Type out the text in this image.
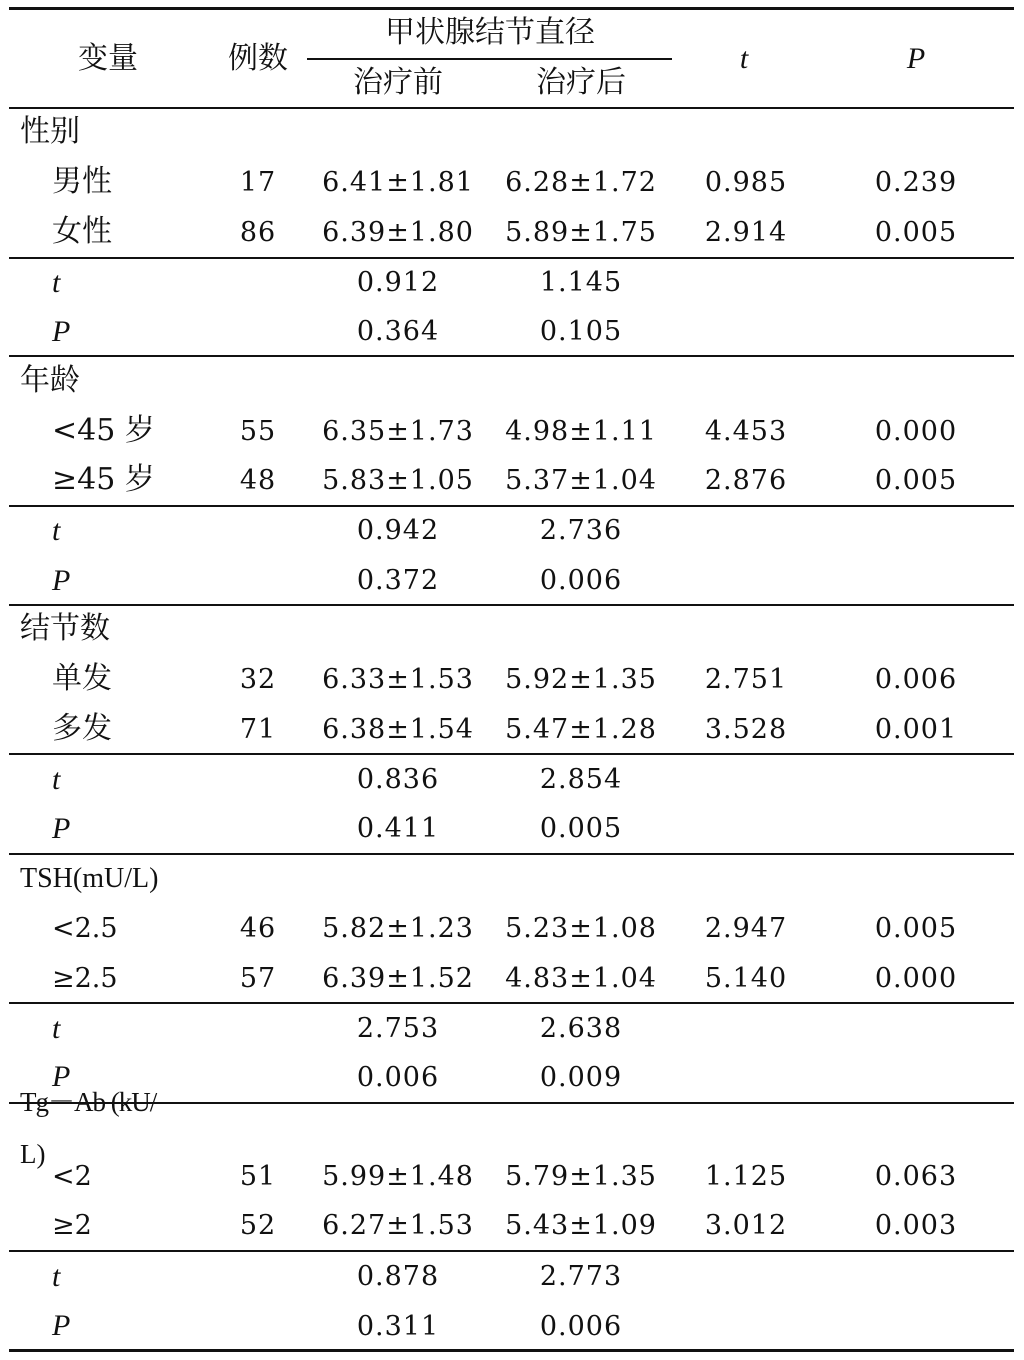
变量	例数
甲状腺结节直径
治疗前	治疗后
t	P
性别
男性	17 6.41±1.81 6.28±1.72 0.985	0.239
女性	86 6.39±1.80 5.89±1.75 2.914	0.005
t	0.912	1.145
P	0.364	0.105
年龄
<45 岁	55 6.35±1.73 4.98±1.11 4.453	0.000
≥45 岁	48 5.83±1.05 5.37±1.04 2.876	0.005
t	0.942	2.736
P	0.372	0.006
结节数
单发	32 6.33±1.53 5.92±1.35 2.751	0.006
多发	71 6.38±1.54 5.47±1.28 3.528	0.001
t	0.836	2.854
P	0.411	0.005
TSH(mU/L)
<2.5	46 5.82±1.23 5.23±1.08 2.947	0.005
≥2.5	57 6.39±1.52 4.83±1.04 5.140	0.000
t	2.753	2.638
P	0.006	0.009
Tg－Ab (kU/
L)
<2	51 5.99±1.48 5.79±1.35 1.125	0.063
≥2	52 6.27±1.53 5.43±1.09 3.012	0.003
t	0.878	2.773
P	0.311	0.006
